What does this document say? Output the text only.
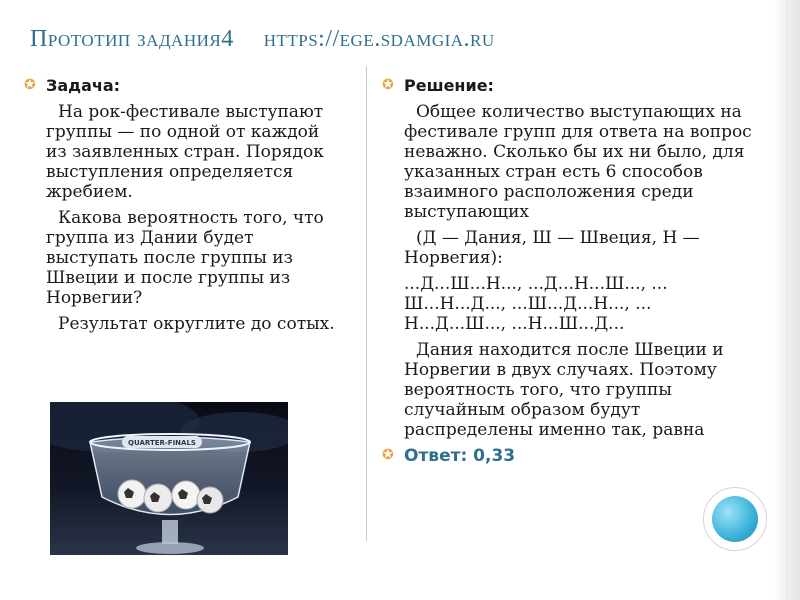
Прототип задания4 https://ege.sdamgia.ru
✪ Задача:

На рок-фестивале выступают группы — по одной от каждой из заявленных стран. Порядок выступления определяется жребием.

Какова вероятность того, что группа из Дании будет выступать после группы из Швеции и после группы из Норвегии?

Результат округлите до сотых.

QUARTER-FINALS
✪ Решение:

Общее количество выступающих на фестивале групп для ответа на вопрос неважно. Сколько бы их ни было, для указанных стран есть 6 способов взаимного расположения среди выступающих

(Д — Дания, Ш — Швеция, Н — Норвегия):

...Д...Ш...Н..., ...Д...Н...Ш..., ...

Ш...Н...Д..., ...Ш...Д...Н..., ...

Н...Д...Ш..., ...Н...Ш...Д...

Дания находится после Швеции и Норвегии в двух случаях. Поэтому вероятность того, что группы случайным образом будут распределены именно так, равна

✪ Ответ: 0,33
